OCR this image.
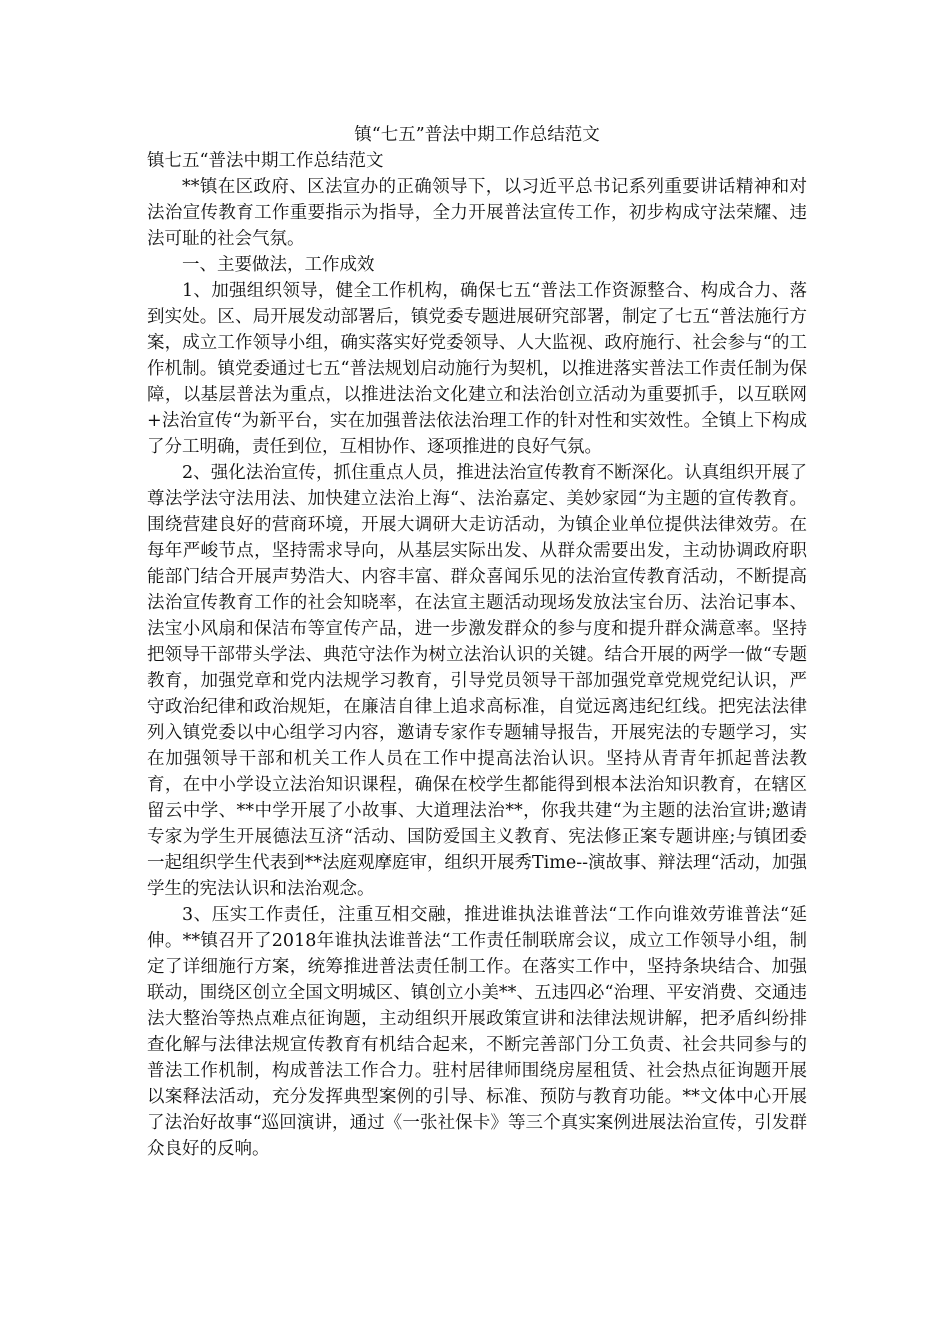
镇“七五”普法中期工作总结范文

镇七五“普法中期工作总结范文

**镇在区政府、区法宣办的正确领导下，以习近平总书记系列重要讲话精神和对法治宣传教育工作重要指示为指导，全力开展普法宣传工作，初步构成守法荣耀、违法可耻的社会气氛。

一、主要做法，工作成效

1、加强组织领导，健全工作机构，确保七五“普法工作资源整合、构成合力、落到实处。区、局开展发动部署后，镇党委专题进展研究部署，制定了七五“普法施行方案，成立工作领导小组，确实落实好党委领导、人大监视、政府施行、社会参与“的工作机制。镇党委通过七五“普法规划启动施行为契机，以推进落实普法工作责任制为保障，以基层普法为重点，以推进法治文化建立和法治创立活动为重要抓手，以互联网+法治宣传“为新平台，实在加强普法依法治理工作的针对性和实效性。全镇上下构成了分工明确，责任到位，互相协作、逐项推进的良好气氛。

2、强化法治宣传，抓住重点人员，推进法治宣传教育不断深化。认真组织开展了尊法学法守法用法、加快建立法治上海“、法治嘉定、美妙家园“为主题的宣传教育。围绕营建良好的营商环境，开展大调研大走访活动，为镇企业单位提供法律效劳。在每年严峻节点，坚持需求导向，从基层实际出发、从群众需要出发，主动协调政府职能部门结合开展声势浩大、内容丰富、群众喜闻乐见的法治宣传教育活动，不断提高法治宣传教育工作的社会知晓率，在法宣主题活动现场发放法宝台历、法治记事本、法宝小风扇和保洁布等宣传产品，进一步激发群众的参与度和提升群众满意率。坚持把领导干部带头学法、典范守法作为树立法治认识的关键。结合开展的两学一做“专题教育，加强党章和党内法规学习教育，引导党员领导干部加强党章党规党纪认识，严守政治纪律和政治规矩，在廉洁自律上追求高标准，自觉远离违纪红线。把宪法法律列入镇党委以中心组学习内容，邀请专家作专题辅导报告，开展宪法的专题学习，实在加强领导干部和机关工作人员在工作中提高法治认识。坚持从青青年抓起普法教育，在中小学设立法治知识课程，确保在校学生都能得到根本法治知识教育，在辖区留云中学、**中学开展了小故事、大道理法治**，你我共建“为主题的法治宣讲;邀请专家为学生开展德法互济“活动、国防爱国主义教育、宪法修正案专题讲座;与镇团委一起组织学生代表到**法庭观摩庭审，组织开展秀Time--演故事、辩法理“活动，加强学生的宪法认识和法治观念。

3、压实工作责任，注重互相交融，推进谁执法谁普法“工作向谁效劳谁普法“延伸。**镇召开了2018年谁执法谁普法“工作责任制联席会议，成立工作领导小组，制定了详细施行方案，统筹推进普法责任制工作。在落实工作中，坚持条块结合、加强联动，围绕区创立全国文明城区、镇创立小美**、五违四必“治理、平安消费、交通违法大整治等热点难点征询题，主动组织开展政策宣讲和法律法规讲解，把矛盾纠纷排查化解与法律法规宣传教育有机结合起来，不断完善部门分工负责、社会共同参与的普法工作机制，构成普法工作合力。驻村居律师围绕房屋租赁、社会热点征询题开展以案释法活动，充分发挥典型案例的引导、标准、预防与教育功能。**文体中心开展了法治好故事“巡回演讲，通过《一张社保卡》等三个真实案例进展法治宣传，引发群众良好的反响。
